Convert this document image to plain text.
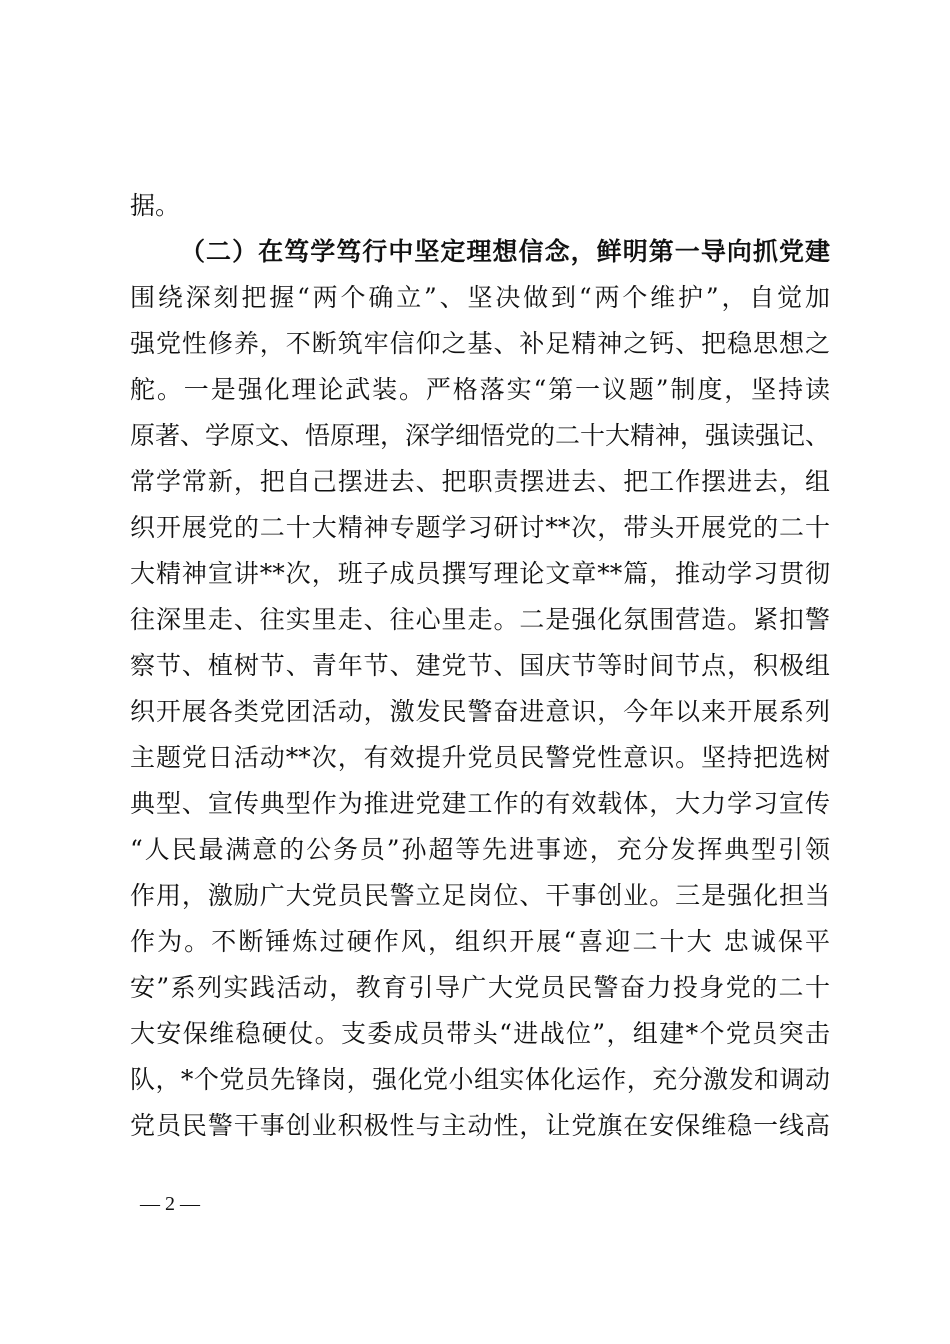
据。
（二）在笃学笃行中坚定理想信念，鲜明第一导向抓党建
围绕深刻把握“两个确立”、坚决做到“两个维护”，自觉加
强党性修养，不断筑牢信仰之基、补足精神之钙、把稳思想之
舵。一是强化理论武装。严格落实“第一议题”制度，坚持读
原著、学原文、悟原理，深学细悟党的二十大精神，强读强记、
常学常新，把自己摆进去、把职责摆进去、把工作摆进去，组
织开展党的二十大精神专题学习研讨**次，带头开展党的二十
大精神宣讲**次，班子成员撰写理论文章**篇，推动学习贯彻
往深里走、往实里走、往心里走。二是强化氛围营造。紧扣警
察节、植树节、青年节、建党节、国庆节等时间节点，积极组
织开展各类党团活动，激发民警奋进意识，今年以来开展系列
主题党日活动**次，有效提升党员民警党性意识。坚持把选树
典型、宣传典型作为推进党建工作的有效载体，大力学习宣传
“人民最满意的公务员”孙超等先进事迹，充分发挥典型引领
作用，激励广大党员民警立足岗位、干事创业。三是强化担当
作为。不断锤炼过硬作风，组织开展“喜迎二十大 忠诚保平
安”系列实践活动，教育引导广大党员民警奋力投身党的二十
大安保维稳硬仗。支委成员带头“进战位”，组建*个党员突击
队，*个党员先锋岗，强化党小组实体化运作，充分激发和调动
党员民警干事创业积极性与主动性，让党旗在安保维稳一线高
— 2 —
